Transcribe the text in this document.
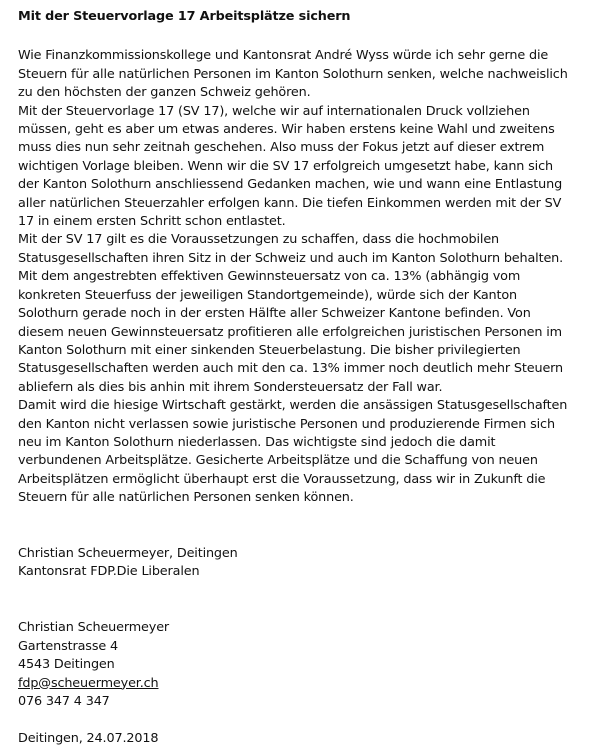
Mit der Steuervorlage 17 Arbeitsplätze sichern

Wie Finanzkommissionskollege und Kantonsrat André Wyss würde ich sehr gerne die Steuern für alle natürlichen Personen im Kanton Solothurn senken, welche nachweislich zu den höchsten der ganzen Schweiz gehören.

Mit der Steuervorlage 17 (SV 17), welche wir auf internationalen Druck vollziehen müssen, geht es aber um etwas anderes. Wir haben erstens keine Wahl und zweitens muss dies nun sehr zeitnah geschehen. Also muss der Fokus jetzt auf dieser extrem wichtigen Vorlage bleiben. Wenn wir die SV 17 erfolgreich umgesetzt habe, kann sich der Kanton Solothurn anschliessend Gedanken machen, wie und wann eine Entlastung aller natürlichen Steuerzahler erfolgen kann. Die tiefen Einkommen werden mit der SV 17 in einem ersten Schritt schon entlastet.

Mit der SV 17 gilt es die Voraussetzungen zu schaffen, dass die hochmobilen Statusgesellschaften ihren Sitz in der Schweiz und auch im Kanton Solothurn behalten. Mit dem angestrebten effektiven Gewinnsteuersatz von ca. 13% (abhängig vom konkreten Steuerfuss der jeweiligen Standortgemeinde), würde sich der Kanton Solothurn gerade noch in der ersten Hälfte aller Schweizer Kantone befinden. Von diesem neuen Gewinnsteuersatz profitieren alle erfolgreichen juristischen Personen im Kanton Solothurn mit einer sinkenden Steuerbelastung. Die bisher privilegierten Statusgesellschaften werden auch mit den ca. 13% immer noch deutlich mehr Steuern abliefern als dies bis anhin mit ihrem Sondersteuersatz der Fall war.

Damit wird die hiesige Wirtschaft gestärkt, werden die ansässigen Statusgesellschaften den Kanton nicht verlassen sowie juristische Personen und produzierende Firmen sich neu im Kanton Solothurn niederlassen. Das wichtigste sind jedoch die damit verbundenen Arbeitsplätze. Gesicherte Arbeitsplätze und die Schaffung von neuen Arbeitsplätzen ermöglicht überhaupt erst die Voraussetzung, dass wir in Zukunft die Steuern für alle natürlichen Personen senken können.

Christian Scheuermeyer, Deitingen
Kantonsrat FDP.Die Liberalen
Christian Scheuermeyer
Gartenstrasse 4
4543 Deitingen
fdp@scheuermeyer.ch
076 347 4 347
Deitingen, 24.07.2018
